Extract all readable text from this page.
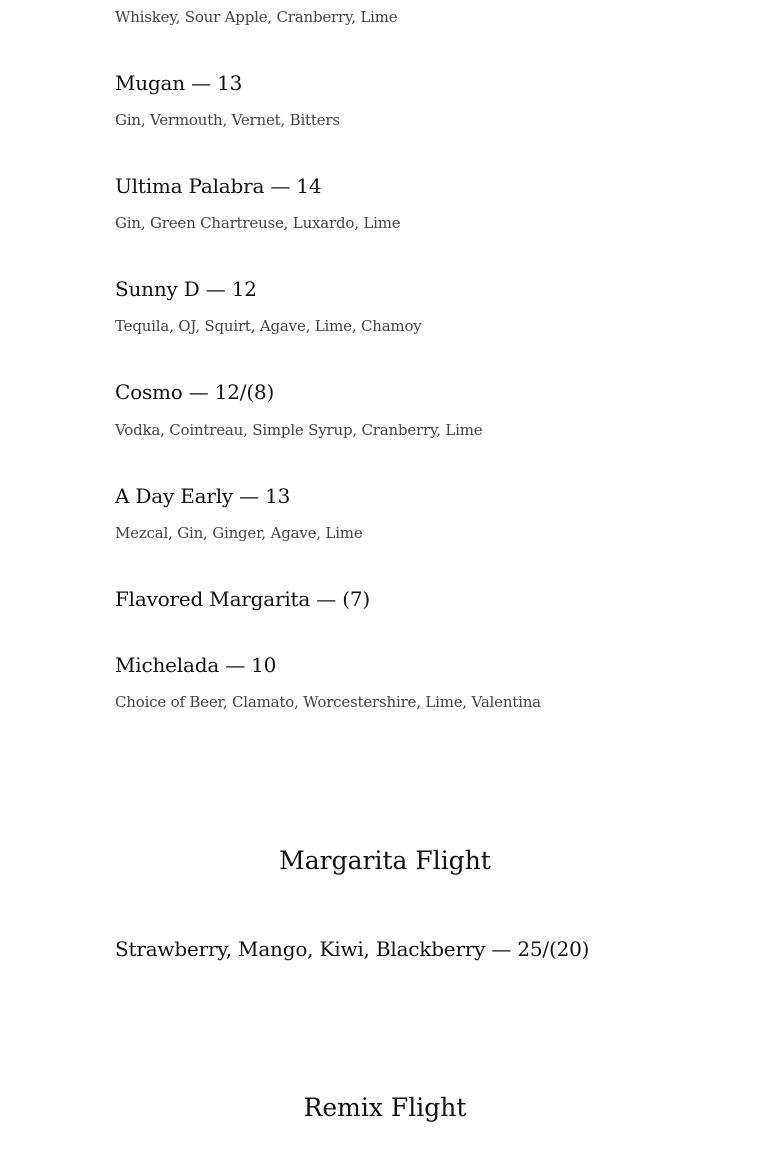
Whiskey, Sour Apple, Cranberry, Lime
Mugan — 13
Gin, Vermouth, Vernet, Bitters
Ultima Palabra — 14
Gin, Green Chartreuse, Luxardo, Lime
Sunny D — 12
Tequila, OJ, Squirt, Agave, Lime, Chamoy
Cosmo — 12/(8)
Vodka, Cointreau, Simple Syrup, Cranberry, Lime
A Day Early — 13
Mezcal, Gin, Ginger, Agave, Lime
Flavored Margarita — (7)
Michelada — 10
Choice of Beer, Clamato, Worcestershire, Lime, Valentina
Margarita Flight
Strawberry, Mango, Kiwi, Blackberry — 25/(20)
Remix Flight
